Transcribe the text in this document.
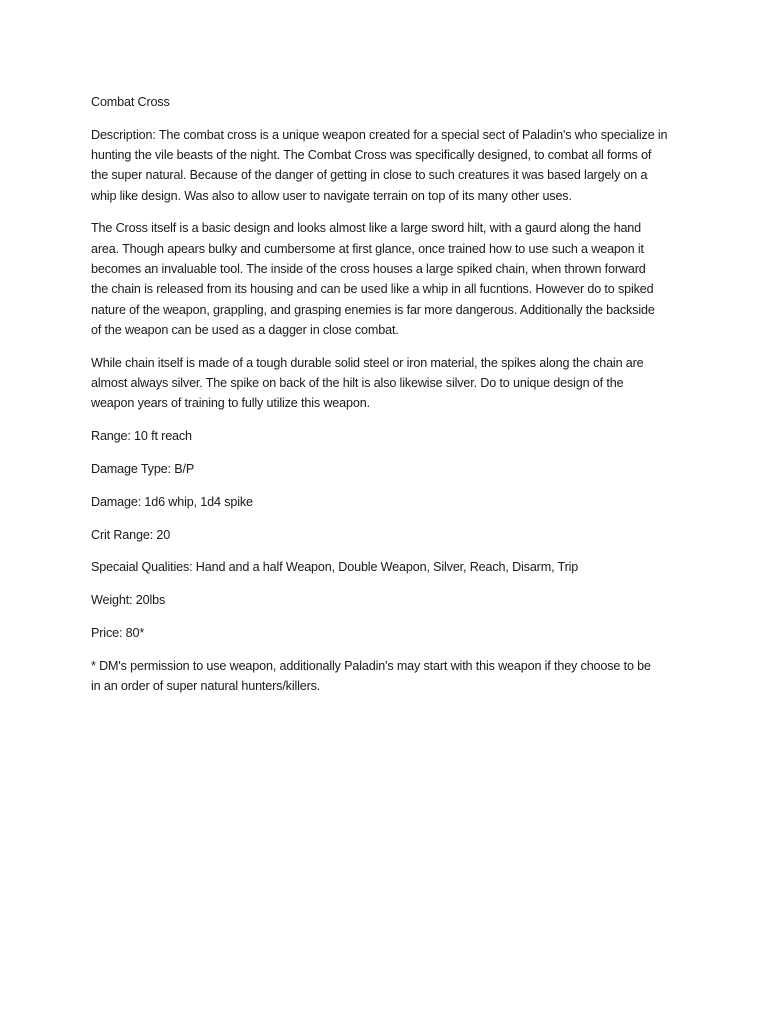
Combat Cross
Description: The combat cross is a unique weapon created for a special sect of Paladin's who specialize in
hunting the vile beasts of the night. The Combat Cross was specifically designed, to combat all forms of
the super natural. Because of the danger of getting in close to such creatures it was based largely on a
whip like design. Was also to allow user to navigate terrain on top of its many other uses.
The Cross itself is a basic design and looks almost like a large sword hilt, with a gaurd along the hand
area. Though apears bulky and cumbersome at first glance, once trained how to use such a weapon it
becomes an invaluable tool. The inside of the cross houses a large spiked chain, when thrown forward
the chain is released from its housing and can be used like a whip in all fucntions. However do to spiked
nature of the weapon, grappling, and grasping enemies is far more dangerous. Additionally the backside
of the weapon can be used as a dagger in close combat.
While chain itself is made of a tough durable solid steel or iron material, the spikes along the chain are
almost always silver. The spike on back of the hilt is also likewise silver. Do to unique design of the
weapon years of training to fully utilize this weapon.
Range: 10 ft reach
Damage Type: B/P
Damage: 1d6 whip, 1d4 spike
Crit Range: 20
Specaial Qualities: Hand and a half Weapon, Double Weapon, Silver, Reach, Disarm, Trip
Weight: 20lbs
Price: 80*
* DM's permission to use weapon, additionally Paladin's may start with this weapon if they choose to be
in an order of super natural hunters/killers.
